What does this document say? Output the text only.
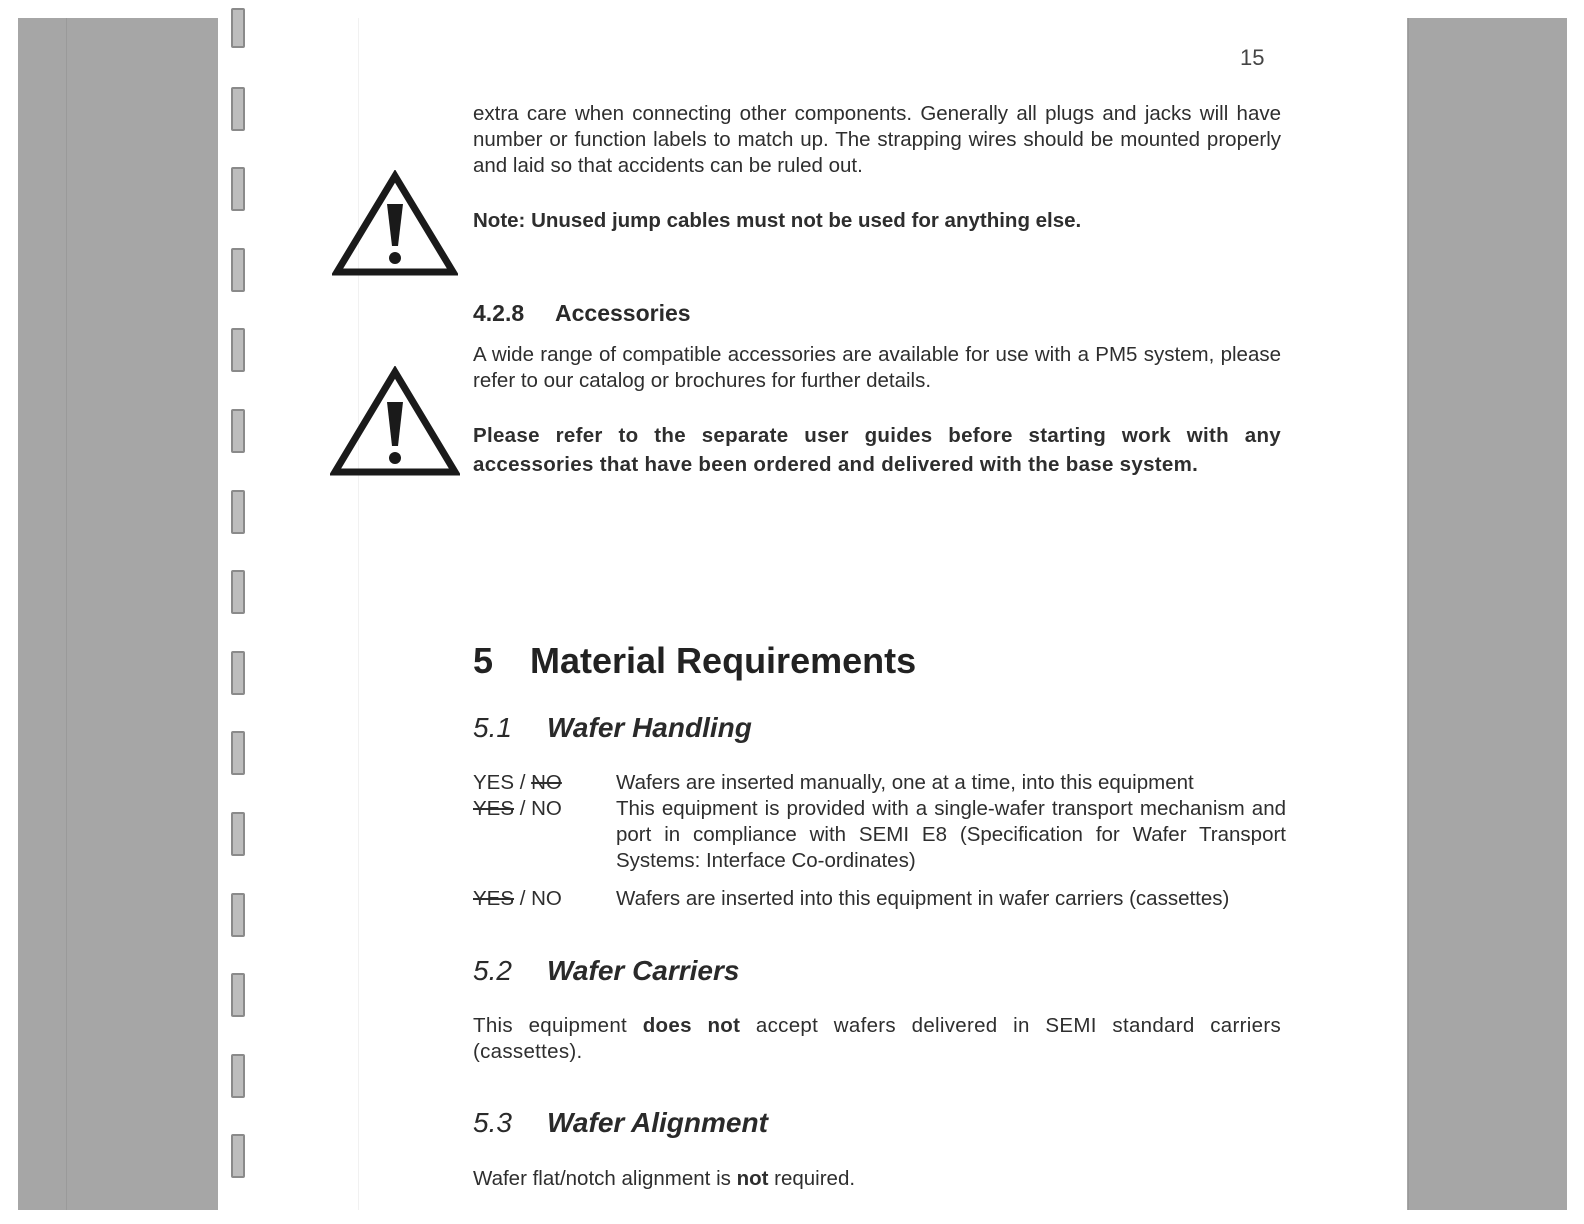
15
extra care when connecting other components. Generally all plugs and jacks will have number or function labels to match up. The strapping wires should be mounted properly and laid so that accidents can be ruled out.
Note: Unused jump cables must not be used for anything else.
4.2.8 Accessories
A wide range of compatible accessories are available for use with a PM5 system, please refer to our catalog or brochures for further details.
Please refer to the separate user guides before starting work with any accessories that have been ordered and delivered with the base system.
5 Material Requirements
5.1 Wafer Handling
YES / NO	Wafers are inserted manually, one at a time, into this equipment
YES / NO	This equipment is provided with a single-wafer transport mechanism and port in compliance with SEMI E8 (Specification for Wafer Transport Systems: Interface Co-ordinates)
YES / NO	Wafers are inserted into this equipment in wafer carriers (cassettes)
5.2 Wafer Carriers
This equipment does not accept wafers delivered in SEMI standard carriers (cassettes).
5.3 Wafer Alignment
Wafer flat/notch alignment is not required.
